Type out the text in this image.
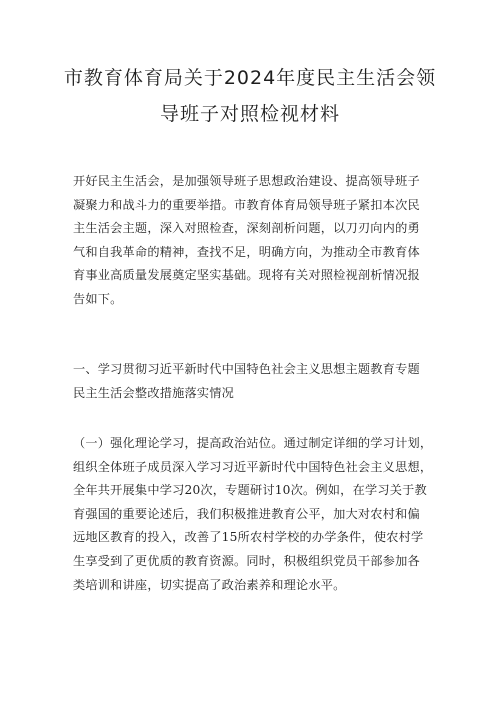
市教育体育局关于2024年度民主生活会领
导班子对照检视材料
开好民主生活会，是加强领导班子思想政治建设、提高领导班子
凝聚力和战斗力的重要举措。市教育体育局领导班子紧扣本次民
主生活会主题，深入对照检查，深刻剖析问题，以刀刃向内的勇
气和自我革命的精神，查找不足，明确方向，为推动全市教育体
育事业高质量发展奠定坚实基础。现将有关对照检视剖析情况报
告如下。
一、学习贯彻习近平新时代中国特色社会主义思想主题教育专题
民主生活会整改措施落实情况
（一）强化理论学习，提高政治站位。通过制定详细的学习计划，
组织全体班子成员深入学习习近平新时代中国特色社会主义思想，
全年共开展集中学习20次，专题研讨10次。例如，在学习关于教
育强国的重要论述后，我们积极推进教育公平，加大对农村和偏
远地区教育的投入，改善了15所农村学校的办学条件，使农村学
生享受到了更优质的教育资源。同时，积极组织党员干部参加各
类培训和讲座，切实提高了政治素养和理论水平。
